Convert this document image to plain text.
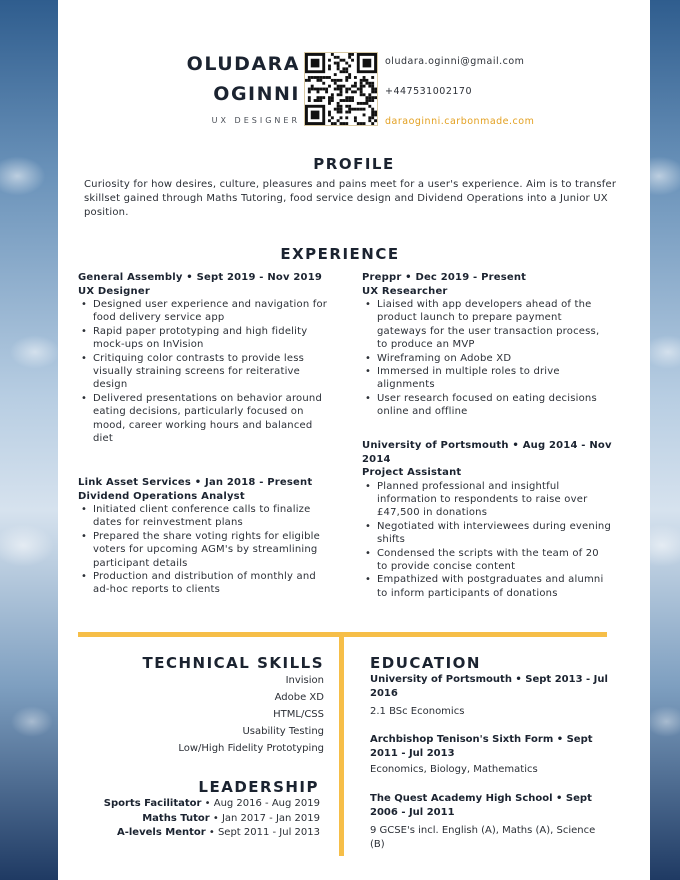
OLUDARA
OGINNI
UX DESIGNER
oludara.oginni@gmail.com
+447531002170
daraoginni.carbonmade.com
PROFILE
Curiosity for how desires, culture, pleasures and pains meet for a user's experience. Aim is to transfer skillset gained through Maths Tutoring, food service design and Dividend Operations into a Junior UX position.
EXPERIENCE
General Assembly • Sept 2019 - Nov 2019
UX Designer
• Designed user experience and navigation for food delivery service app
• Rapid paper prototyping and high fidelity mock-ups on InVision
• Critiquing color contrasts to provide less visually straining screens for reiterative design
• Delivered presentations on behavior around eating decisions, particularly focused on mood, career working hours and balanced diet
Link Asset Services • Jan 2018 - Present
Dividend Operations Analyst
• Initiated client conference calls to finalize dates for reinvestment plans
• Prepared the share voting rights for eligible voters for upcoming AGM's by streamlining participant details
• Production and distribution of monthly and ad-hoc reports to clients
Preppr • Dec 2019 - Present
UX Researcher
• Liaised with app developers ahead of the product launch to prepare payment gateways for the user transaction process, to produce an MVP
• Wireframing on Adobe XD
• Immersed in multiple roles to drive alignments
• User research focused on eating decisions online and offline
University of Portsmouth • Aug 2014 - Nov 2014
Project Assistant
• Planned professional and insightful information to respondents to raise over £47,500 in donations
• Negotiated with interviewees during evening shifts
• Condensed the scripts with the team of 20 to provide concise content
• Empathized with postgraduates and alumni to inform participants of donations
TECHNICAL SKILLS
Invision
Adobe XD
HTML/CSS
Usability Testing
Low/High Fidelity Prototyping
LEADERSHIP
Sports Facilitator • Aug 2016 - Aug 2019
Maths Tutor • Jan 2017 - Jan 2019
A-levels Mentor • Sept 2011 - Jul 2013
EDUCATION
University of Portsmouth • Sept 2013 - Jul 2016
2.1 BSc Economics
Archbishop Tenison's Sixth Form • Sept 2011 - Jul 2013
Economics, Biology, Mathematics
The Quest Academy High School • Sept 2006 - Jul 2011
9 GCSE's incl. English (A), Maths (A), Science (B)
